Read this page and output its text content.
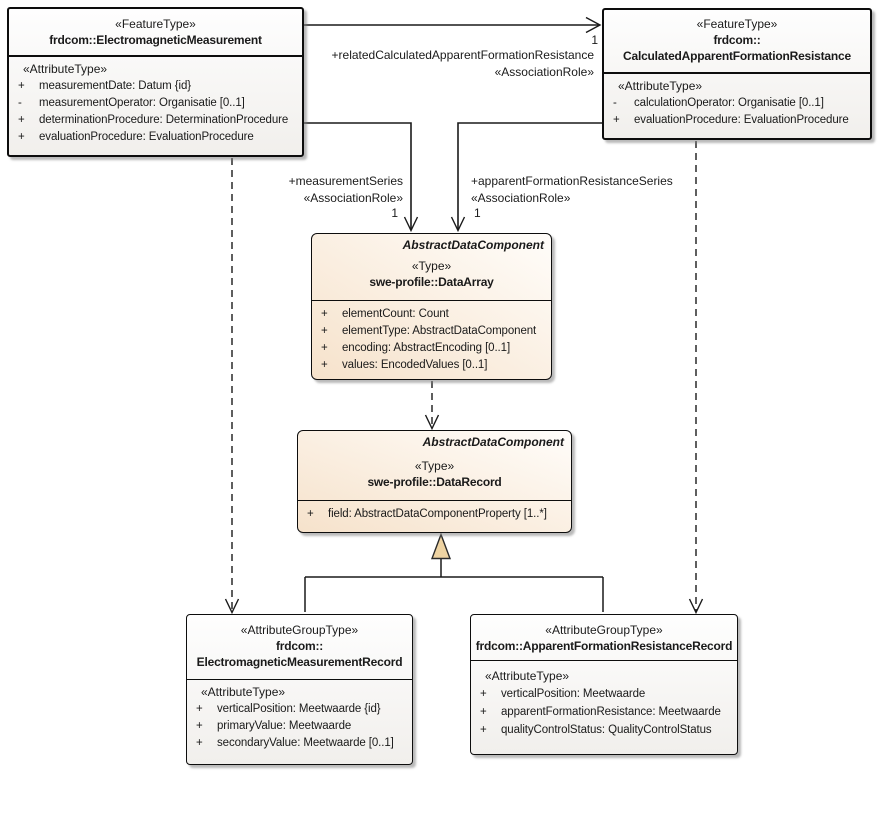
1
+relatedCalculatedApparentFormationResistance
«AssociationRole»
+measurementSeries
«AssociationRole»
1
+apparentFormationResistanceSeries
«AssociationRole»
1
«FeatureType»
frdcom::ElectromagneticMeasurement
«AttributeType»
+	measurementDate: Datum {id}
-	measurementOperator: Organisatie [0..1]
+	determinationProcedure: DeterminationProcedure
+	evaluationProcedure: EvaluationProcedure
«FeatureType»
frdcom::
CalculatedApparentFormationResistance
«AttributeType»
-	calculationOperator: Organisatie [0..1]
+	evaluationProcedure: EvaluationProcedure
AbstractDataComponent
«Type»
swe-profile::DataArray
+	elementCount: Count
+	elementType: AbstractDataComponent
+	encoding: AbstractEncoding [0..1]
+	values: EncodedValues [0..1]
AbstractDataComponent
«Type»
swe-profile::DataRecord
+	field: AbstractDataComponentProperty [1..*]
«AttributeGroupType»
frdcom::
ElectromagneticMeasurementRecord
«AttributeType»
+	verticalPosition: Meetwaarde {id}
+	primaryValue: Meetwaarde
+	secondaryValue: Meetwaarde [0..1]
«AttributeGroupType»
frdcom::ApparentFormationResistanceRecord
«AttributeType»
+	verticalPosition: Meetwaarde
+	apparentFormationResistance: Meetwaarde
+	qualityControlStatus: QualityControlStatus
